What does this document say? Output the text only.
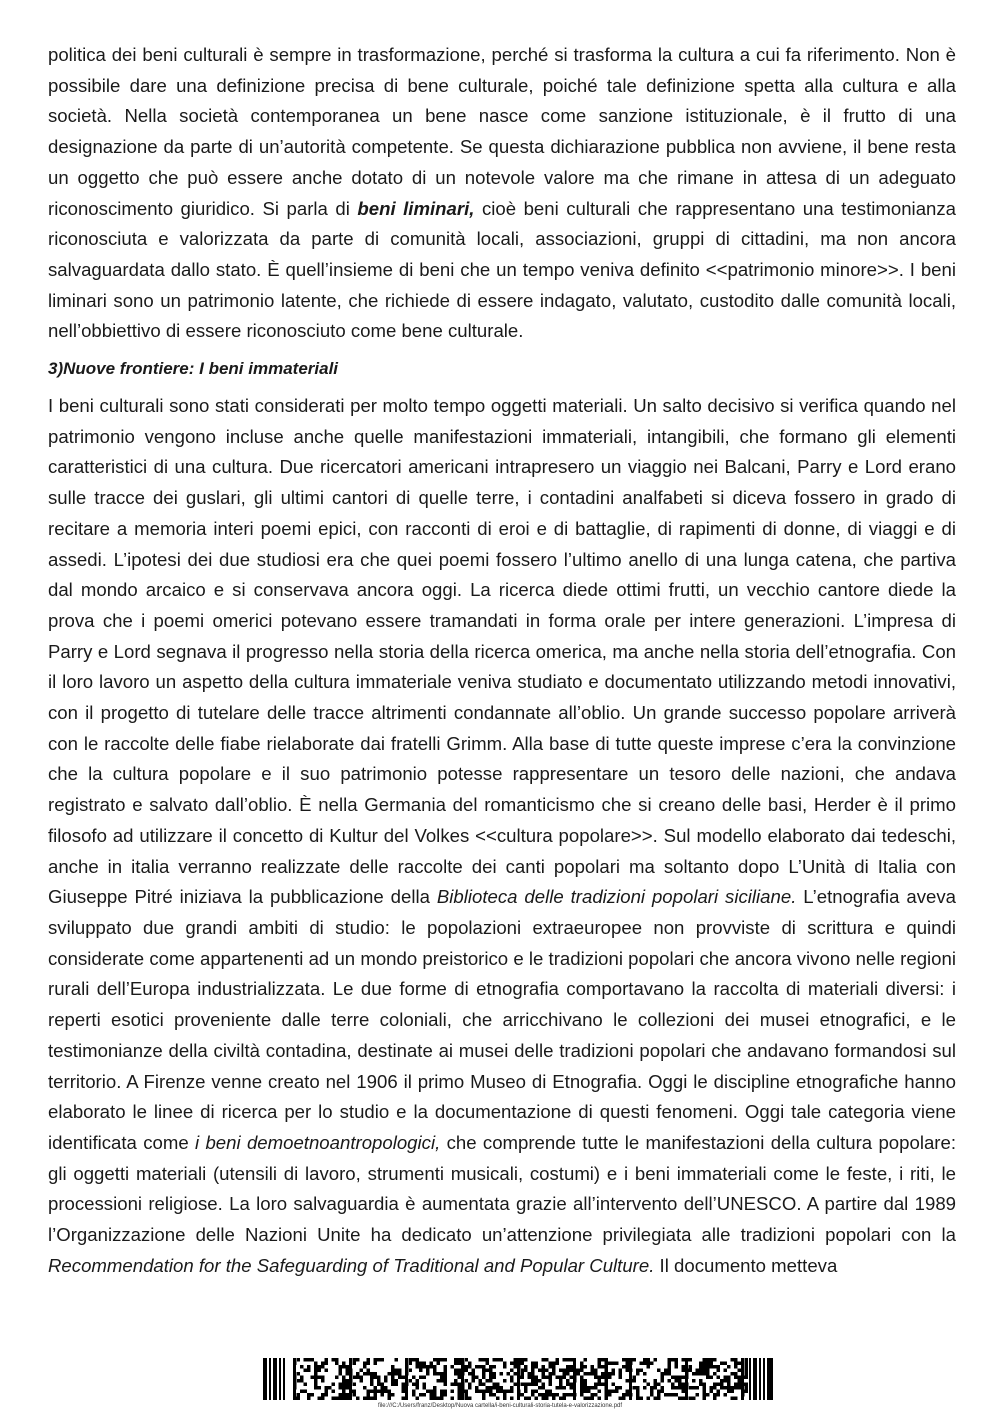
politica dei beni culturali è sempre in trasformazione, perché si trasforma la cultura a cui fa riferimento. Non è possibile dare una definizione precisa di bene culturale, poiché tale definizione spetta alla cultura e alla società. Nella società contemporanea un bene nasce come sanzione istituzionale, è il frutto di una designazione da parte di un’autorità competente. Se questa dichiarazione pubblica non avviene, il bene resta un oggetto che può essere anche dotato di un notevole valore ma che rimane in attesa di un adeguato riconoscimento giuridico. Si parla di beni liminari, cioè beni culturali che rappresentano una testimonianza riconosciuta e valorizzata da parte di comunità locali, associazioni, gruppi di cittadini, ma non ancora salvaguardata dallo stato. È quell’insieme di beni che un tempo veniva definito <<patrimonio minore>>. I beni liminari sono un patrimonio latente, che richiede di essere indagato, valutato, custodito dalle comunità locali, nell’obbiettivo di essere riconosciuto come bene culturale.

3)Nuove frontiere: I beni immateriali

I beni culturali sono stati considerati per molto tempo oggetti materiali. Un salto decisivo si verifica quando nel patrimonio vengono incluse anche quelle manifestazioni immateriali, intangibili, che formano gli elementi caratteristici di una cultura. Due ricercatori americani intrapresero un viaggio nei Balcani, Parry e Lord erano sulle tracce dei guslari, gli ultimi cantori di quelle terre, i contadini analfabeti si diceva fossero in grado di recitare a memoria interi poemi epici, con racconti di eroi e di battaglie, di rapimenti di donne, di viaggi e di assedi. L’ipotesi dei due studiosi era che quei poemi fossero l’ultimo anello di una lunga catena, che partiva dal mondo arcaico e si conservava ancora oggi. La ricerca diede ottimi frutti, un vecchio cantore diede la prova che i poemi omerici potevano essere tramandati in forma orale per intere generazioni. L’impresa di Parry e Lord segnava il progresso nella storia della ricerca omerica, ma anche nella storia dell’etnografia. Con il loro lavoro un aspetto della cultura immateriale veniva studiato e documentato utilizzando metodi innovativi, con il progetto di tutelare delle tracce altrimenti condannate all’oblio. Un grande successo popolare arriverà con le raccolte delle fiabe rielaborate dai fratelli Grimm. Alla base di tutte queste imprese c’era la convinzione che la cultura popolare e il suo patrimonio potesse rappresentare un tesoro delle nazioni, che andava registrato e salvato dall’oblio. È nella Germania del romanticismo che si creano delle basi, Herder è il primo filosofo ad utilizzare il concetto di Kultur del Volkes <<cultura popolare>>. Sul modello elaborato dai tedeschi, anche in italia verranno realizzate delle raccolte dei canti popolari ma soltanto dopo L’Unità di Italia con Giuseppe Pitré iniziava la pubblicazione della Biblioteca delle tradizioni popolari siciliane. L’etnografia aveva sviluppato due grandi ambiti di studio: le popolazioni extraeuropee non provviste di scrittura e quindi considerate come appartenenti ad un mondo preistorico e le tradizioni popolari che ancora vivono nelle regioni rurali dell’Europa industrializzata. Le due forme di etnografia comportavano la raccolta di materiali diversi: i reperti esotici proveniente dalle terre coloniali, che arricchivano le collezioni dei musei etnografici, e le testimonianze della civiltà contadina, destinate ai musei delle tradizioni popolari che andavano formandosi sul territorio. A Firenze venne creato nel 1906 il primo Museo di Etnografia. Oggi le discipline etnografiche hanno elaborato le linee di ricerca per lo studio e la documentazione di questi fenomeni. Oggi tale categoria viene identificata come i beni demoetnoantropologici, che comprende tutte le manifestazioni della cultura popolare: gli oggetti materiali (utensili di lavoro, strumenti musicali, costumi) e i beni immateriali come le feste, i riti, le processioni religiose. La loro salvaguardia è aumentata grazie all’intervento dell’UNESCO. A partire dal 1989 l’Organizzazione delle Nazioni Unite ha dedicato un’attenzione privilegiata alle tradizioni popolari con la Recommendation for the Safeguarding of Traditional and Popular Culture. Il documento metteva

file:///C:/Users/franz/Desktop/Nuova cartella/i-beni-culturali-storia-tutela-e-valorizzazione.pdf
